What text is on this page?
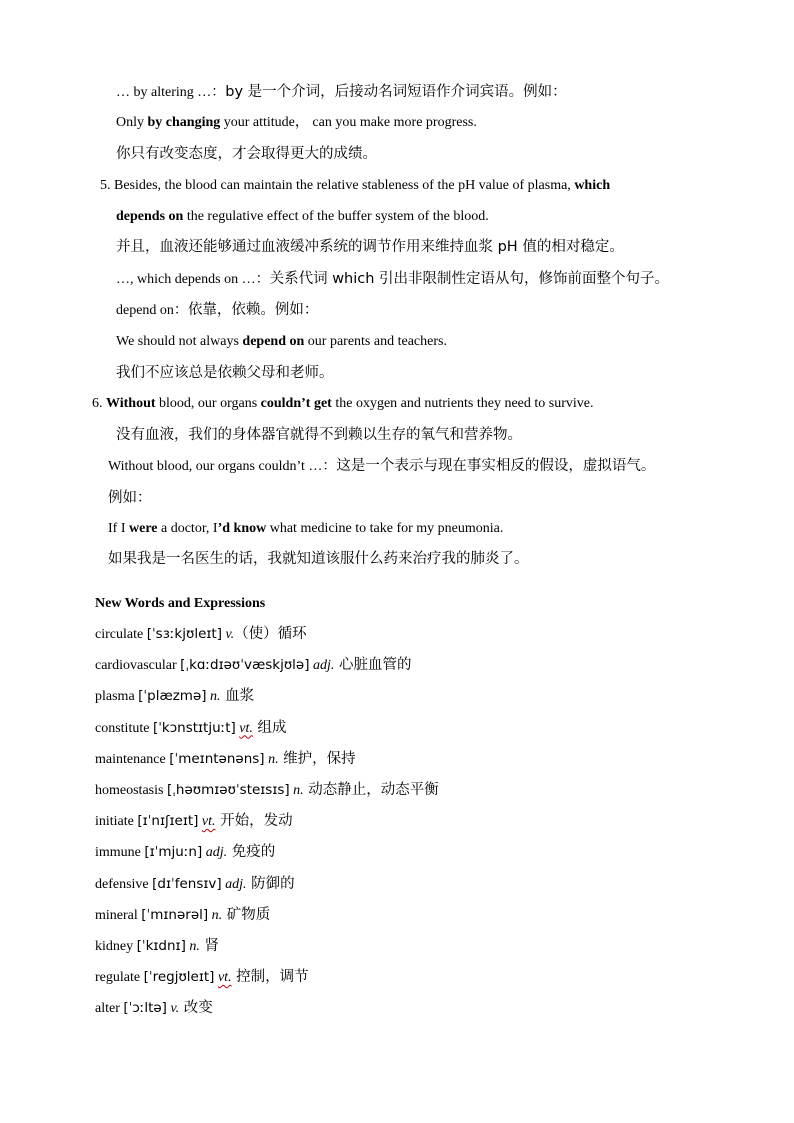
… by altering …：by 是一个介词，后接动名词短语作介词宾语。例如：
Only by changing your attitude， can you make more progress.
你只有改变态度，才会取得更大的成绩。
5. Besides, the blood can maintain the relative stableness of the pH value of plasma, which
depends on the regulative effect of the buffer system of the blood.
并且，血液还能够通过血液缓冲系统的调节作用来维持血浆 pH 值的相对稳定。
…, which depends on …：关系代词 which 引出非限制性定语从句，修饰前面整个句子。
depend on：依靠，依赖。例如：
We should not always depend on our parents and teachers.
我们不应该总是依赖父母和老师。
6. Without blood, our organs couldn’t get the oxygen and nutrients they need to survive.
没有血液，我们的身体器官就得不到赖以生存的氧气和营养物。
Without blood, our organs couldn’t …：这是一个表示与现在事实相反的假设，虚拟语气。
例如：
If I were a doctor, I’d know what medicine to take for my pneumonia.
如果我是一名医生的话，我就知道该服什么药来治疗我的肺炎了。
New Words and Expressions
circulate [ˈsɜːkjʊleɪt] v.（使）循环
cardiovascular [ˌkɑːdɪəʊˈvæskjʊlə] adj. 心脏血管的
plasma [ˈplæzmə] n. 血浆
constitute [ˈkɔnstɪtjuːt] vt. 组成
maintenance [ˈmeɪntənəns] n. 维护，保持
homeostasis [ˌhəʊmɪəʊˈsteɪsɪs] n. 动态静止，动态平衡
initiate [ɪˈnɪʃɪeɪt] vt. 开始，发动
immune [ɪˈmjuːn] adj. 免疫的
defensive [dɪˈfensɪv] adj. 防御的
mineral [ˈmɪnərəl] n. 矿物质
kidney [ˈkɪdnɪ] n. 肾
regulate [ˈregjʊleɪt] vt. 控制，调节
alter [ˈɔːltə] v. 改变
